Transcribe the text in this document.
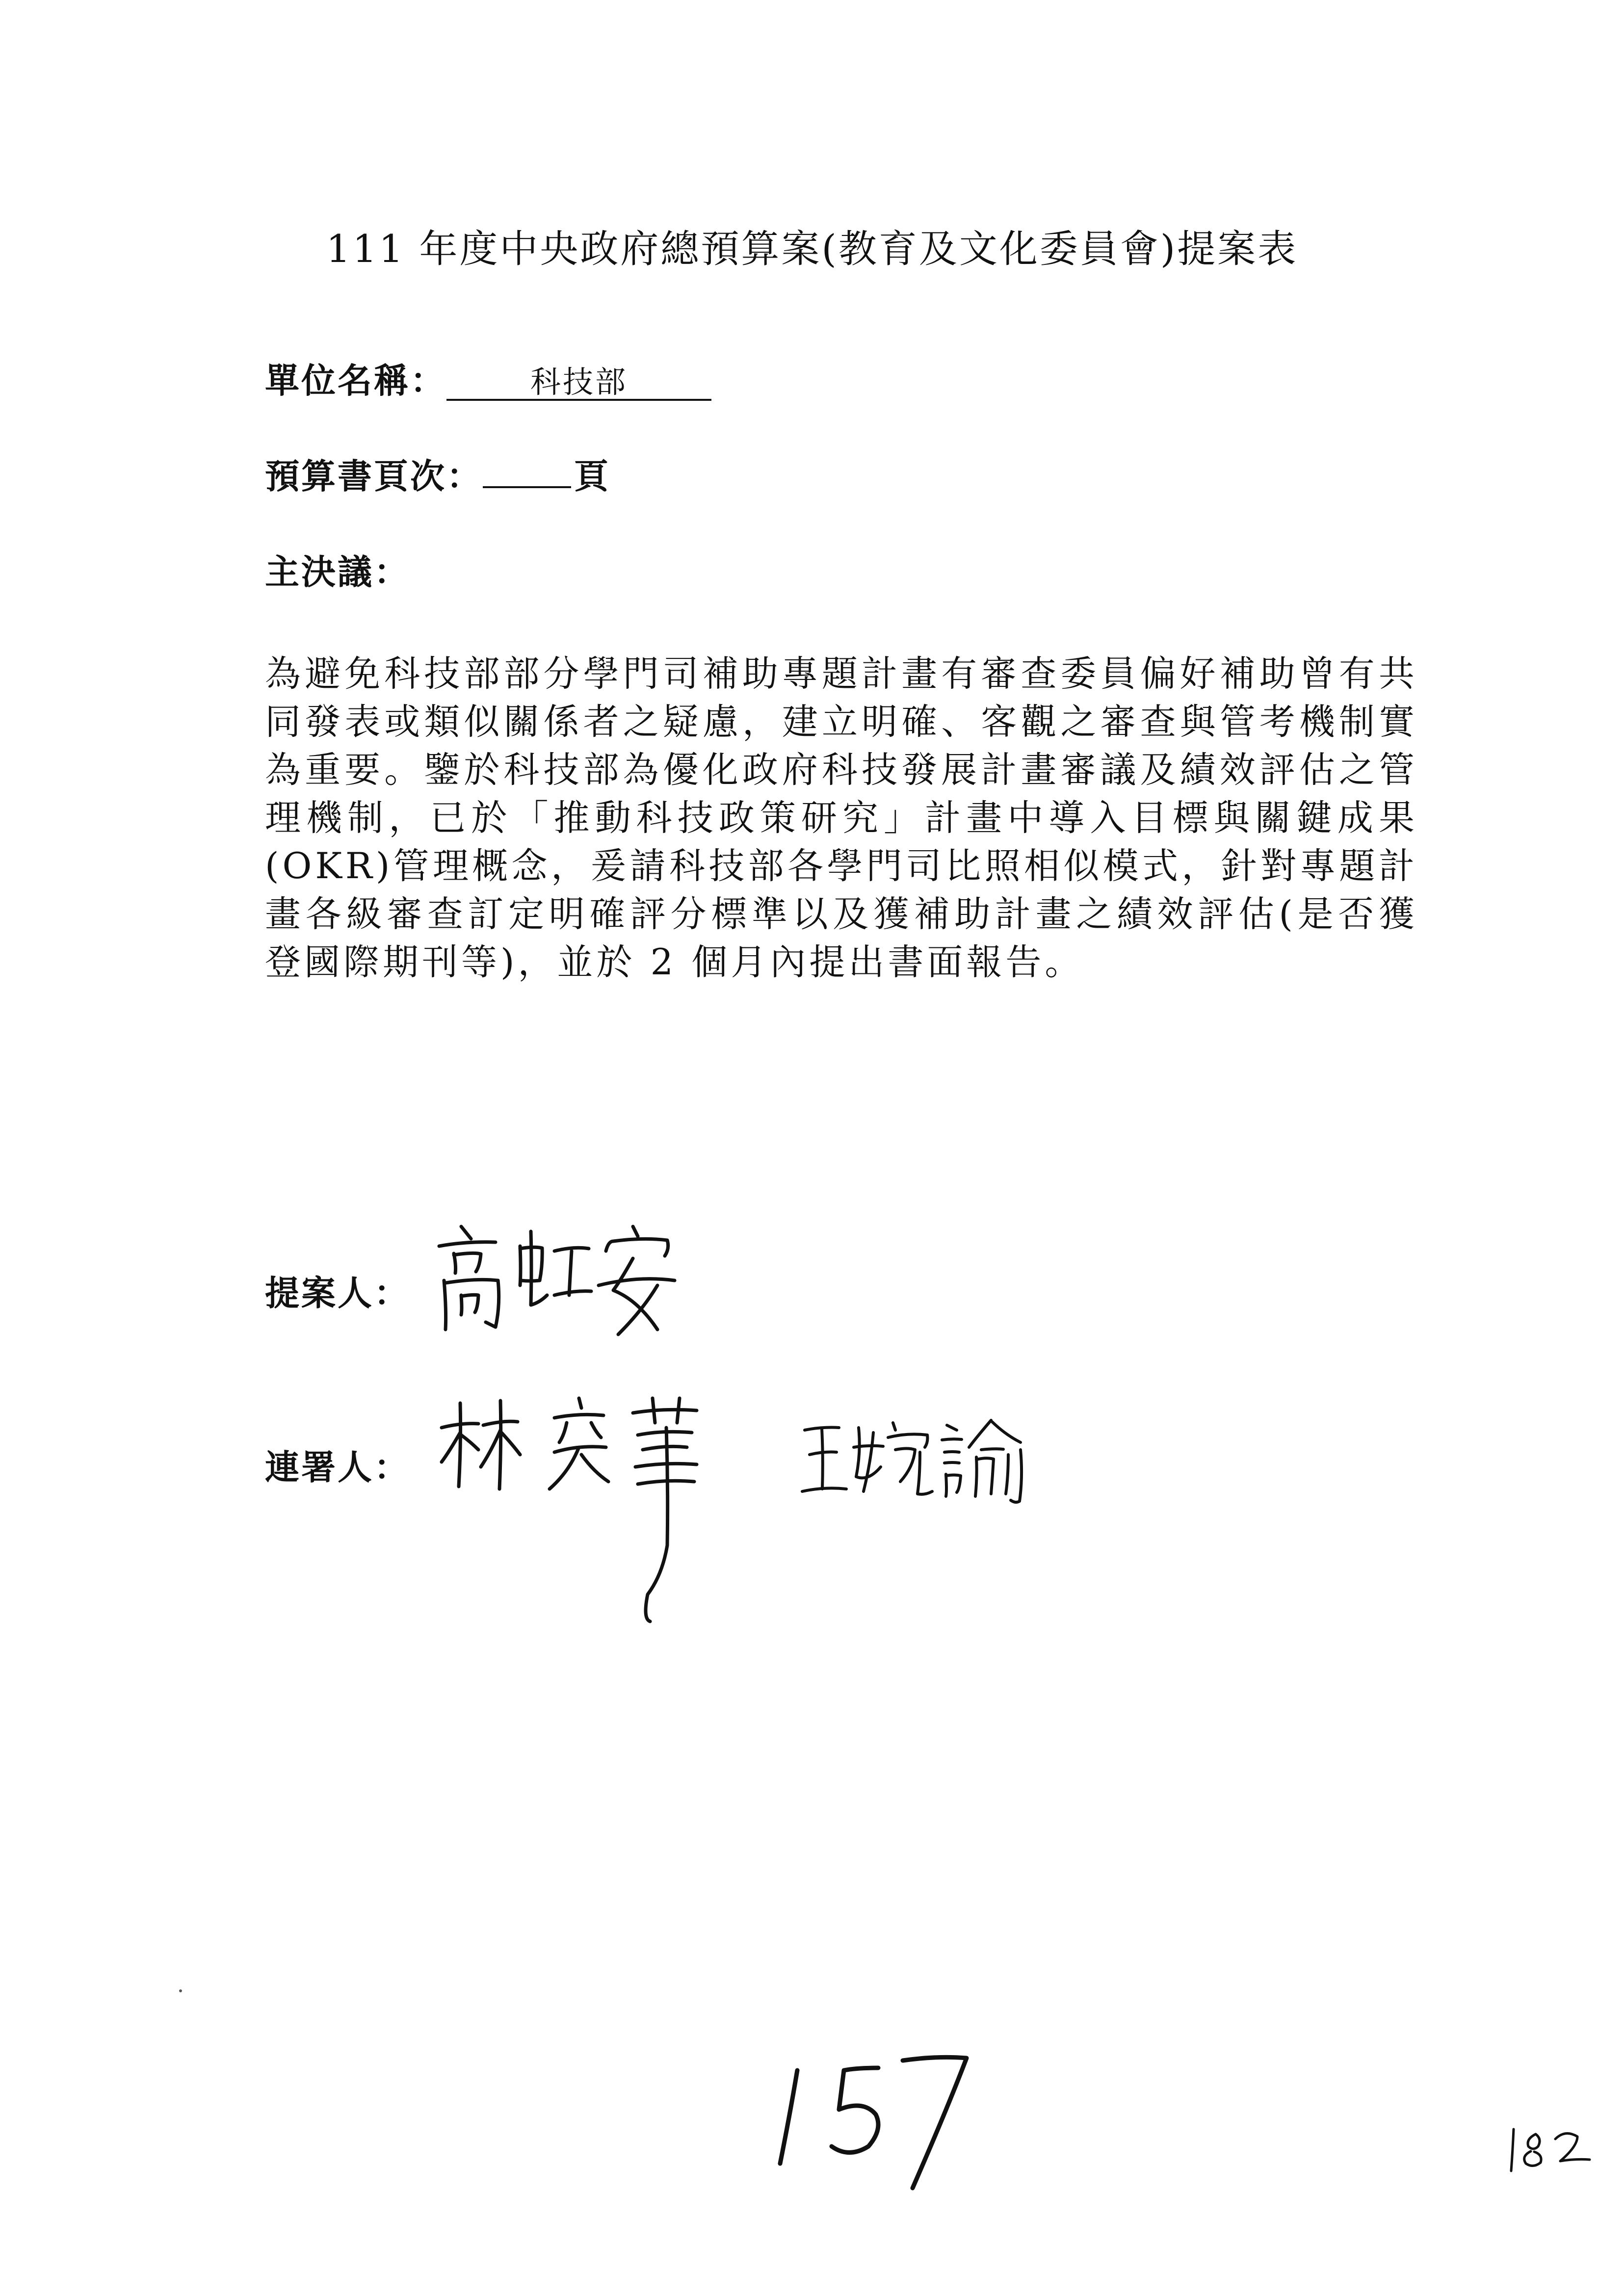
111 年度中央政府總預算案(教育及文化委員會)提案表
單位名稱：	科技部
預算書頁次：	頁
主決議：
為避免科技部部分學門司補助專題計畫有審查委員偏好補助曾有共同發表或類似關係者之疑慮，建立明確、客觀之審查與管考機制實為重要。鑒於科技部為優化政府科技發展計畫審議及績效評估之管理機制，已於「推動科技政策研究」計畫中導入目標與關鍵成果(OKR)管理概念，爰請科技部各學門司比照相似模式，針對專題計畫各級審查訂定明確評分標準以及獲補助計畫之績效評估(是否獲登國際期刊等)，並於 2 個月內提出書面報告。
提案人：
連署人：
